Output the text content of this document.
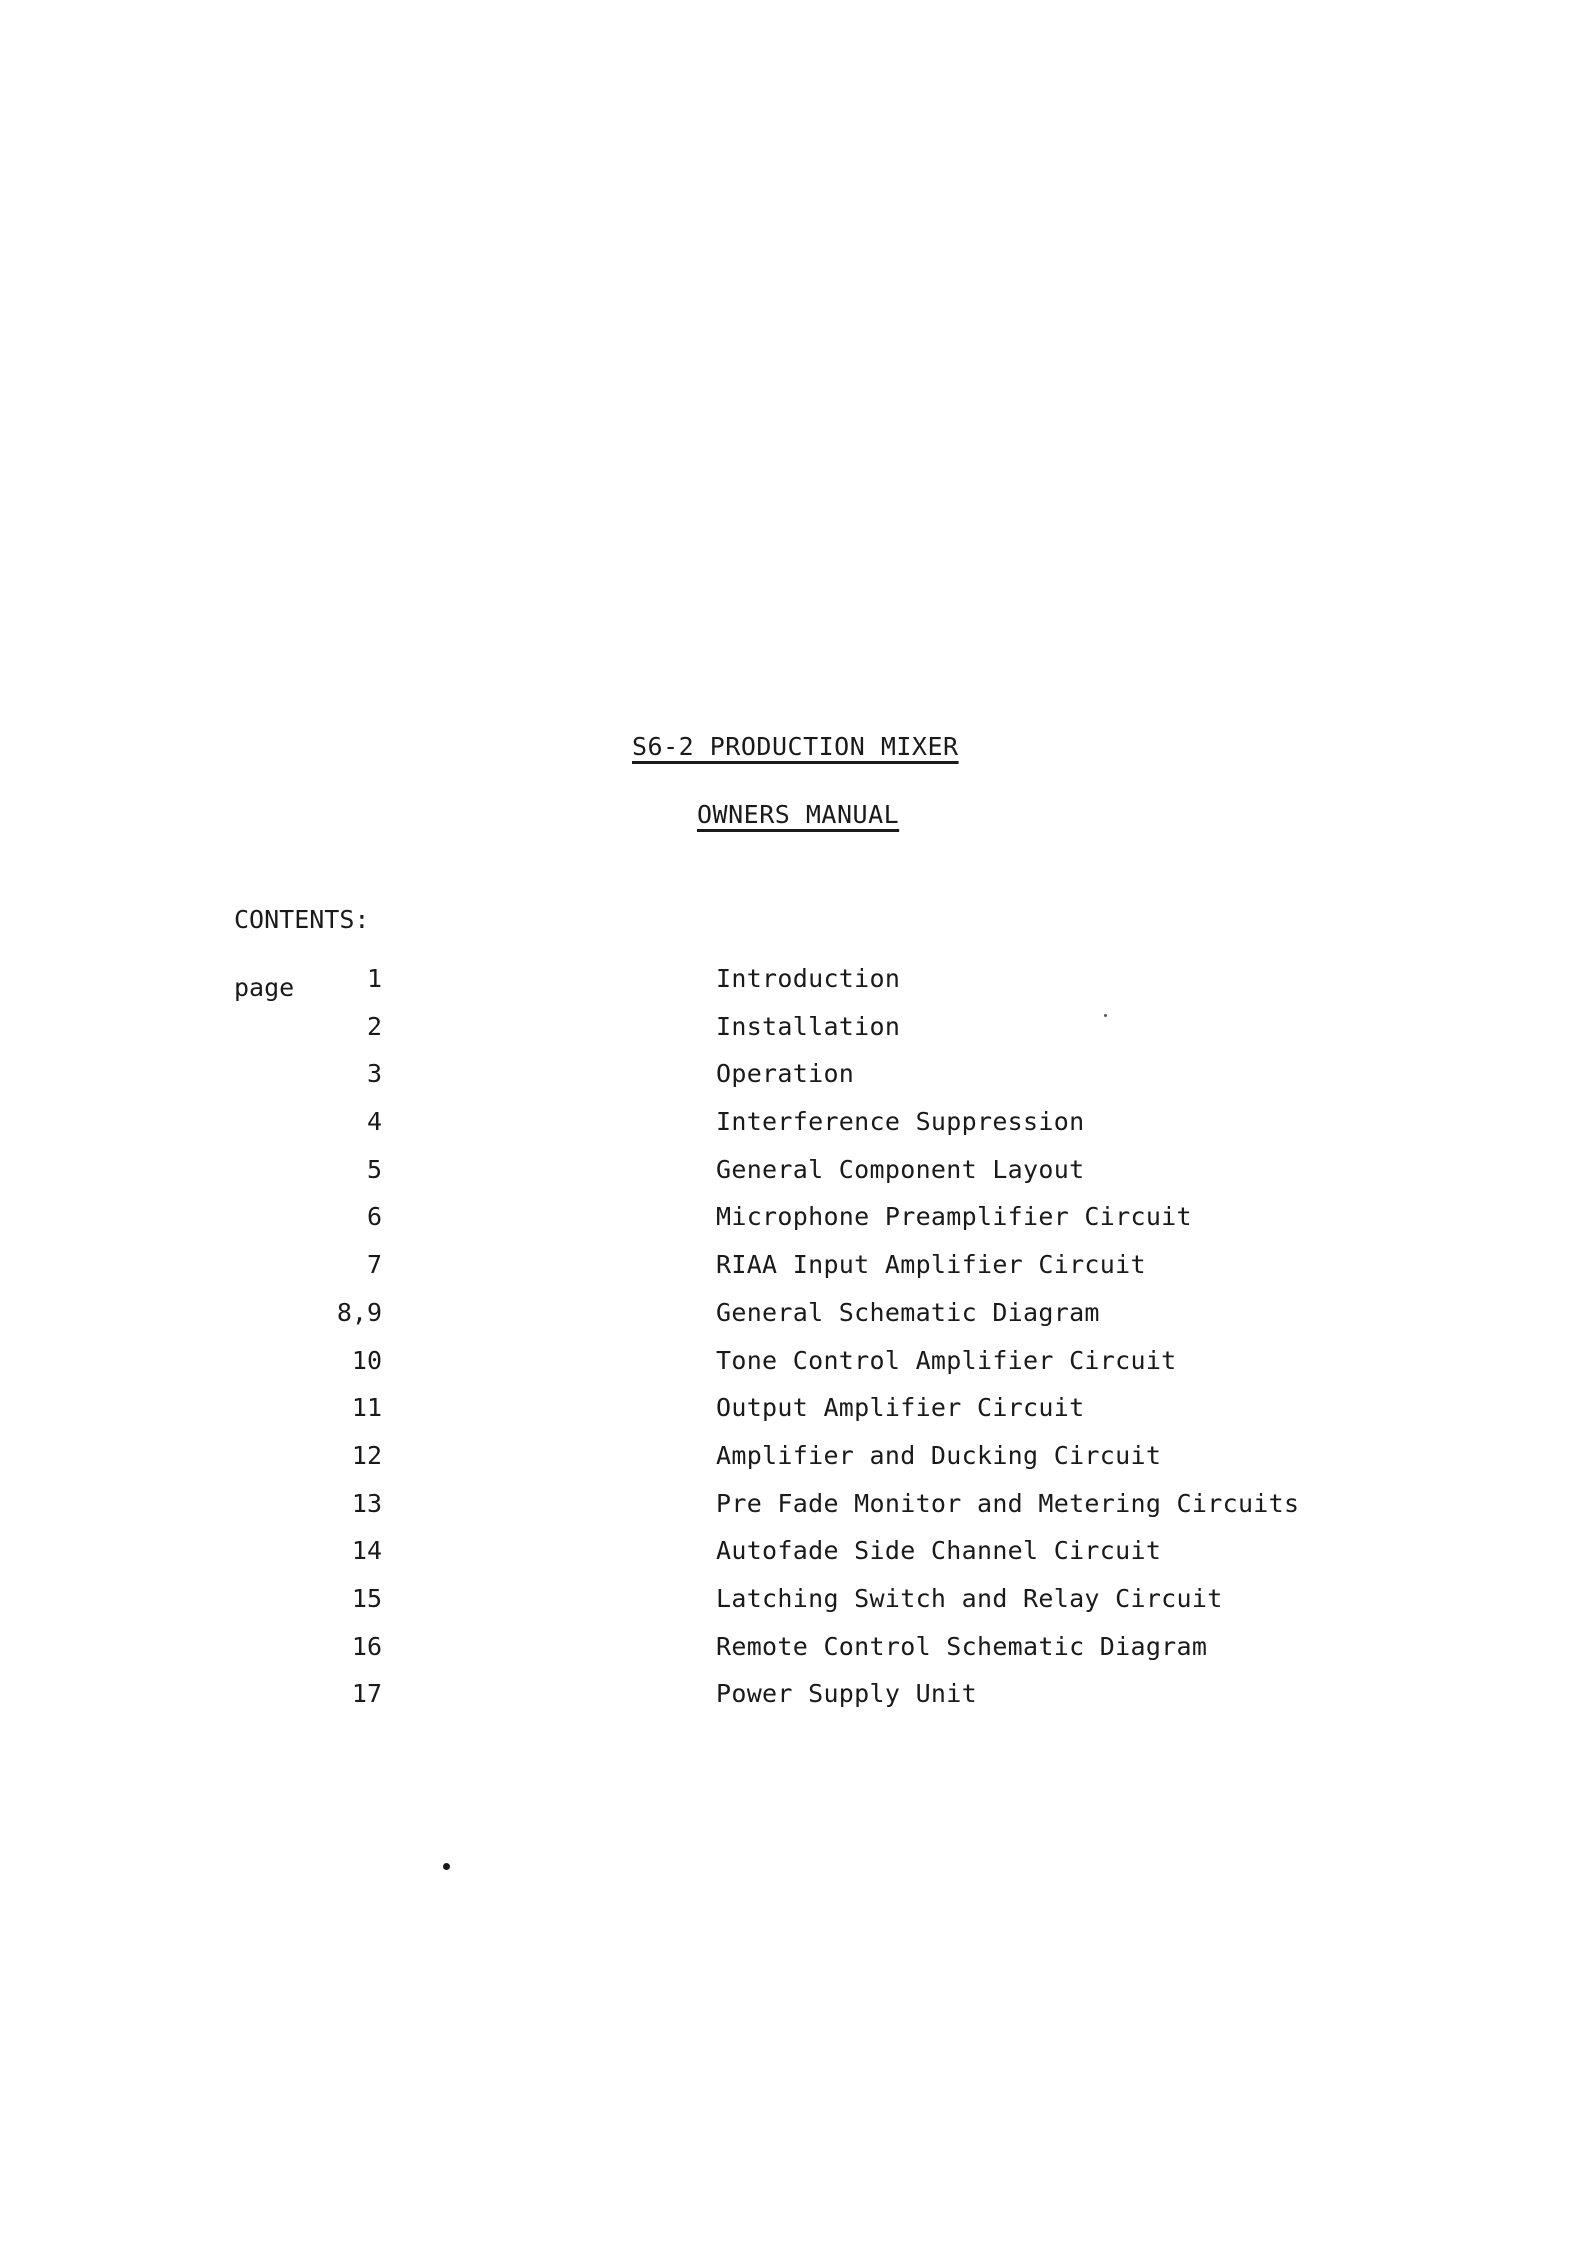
S6-2 PRODUCTION MIXER
OWNERS MANUAL
CONTENTS:
page	1	Introduction
2	Installation
3	Operation
4	Interference Suppression
5	General Component Layout
6	Microphone Preamplifier Circuit
7	RIAA Input Amplifier Circuit
8,9	General Schematic Diagram
10	Tone Control Amplifier Circuit
11	Output Amplifier Circuit
12	Amplifier and Ducking Circuit
13	Pre Fade Monitor and Metering Circuits
14	Autofade Side Channel Circuit
15	Latching Switch and Relay Circuit
16	Remote Control Schematic Diagram
17	Power Supply Unit
